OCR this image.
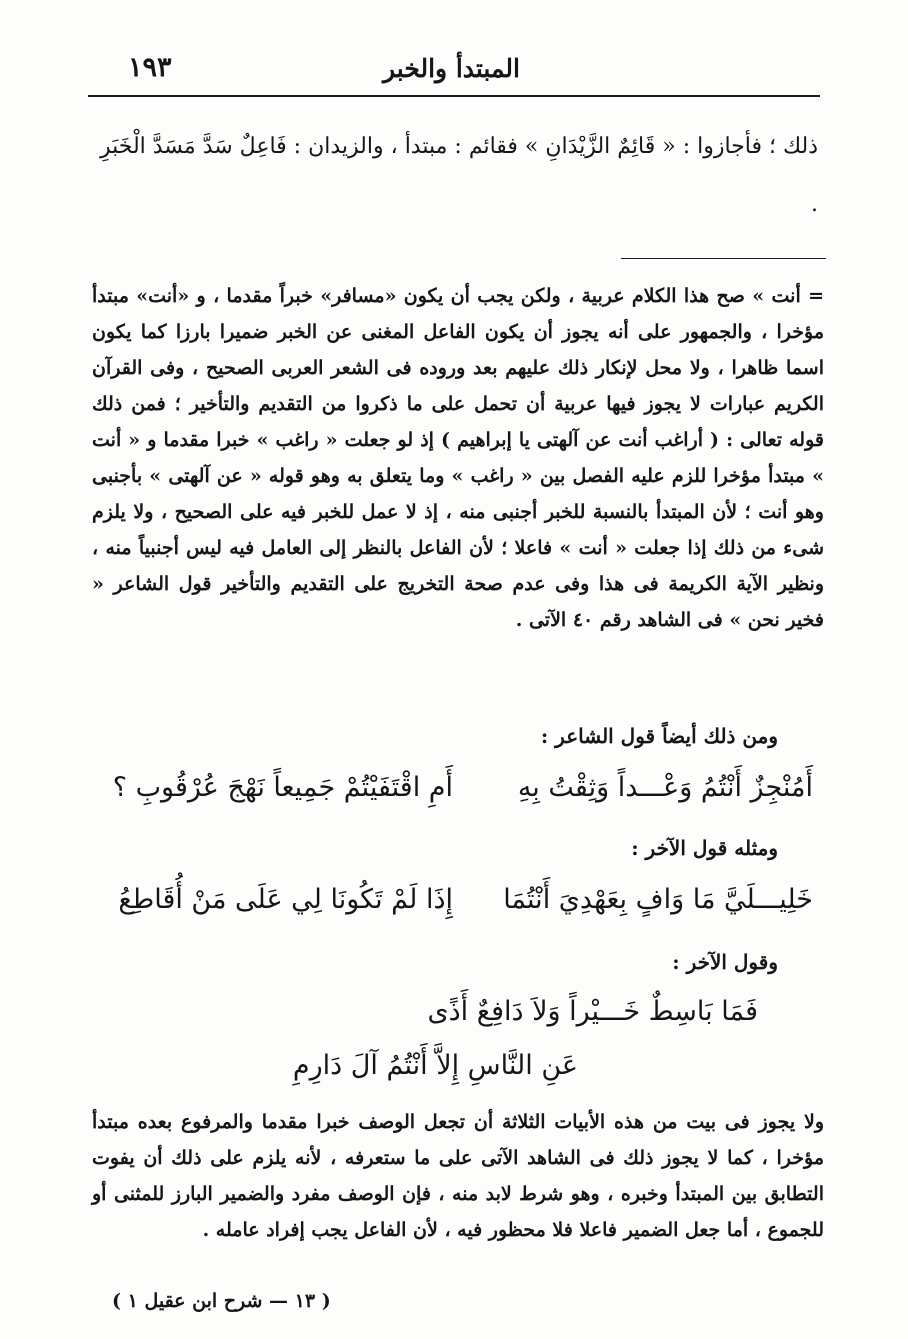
المبتدأ والخبر
١٩٣
ذلك ؛ فأجازوا : « قَائِمٌ الزَّيْدَانِ » فقائم : مبتدأ ، والزيدان : فَاعِلٌ سَدَّ مَسَدَّ الْخَبَرِ .
= أنت » صح هذا الكلام عربية ، ولكن يجب أن يكون «مسافر» خبراً مقدما ، و «أنت» مبتدأ مؤخرا ، والجمهور على أنه يجوز أن يكون الفاعل المغنى عن الخبر ضميرا بارزا كما يكون اسما ظاهرا ، ولا محل لإنكار ذلك عليهم بعد وروده فى الشعر العربى الصحيح ، وفى القرآن الكريم عبارات لا يجوز فيها عربية أن تحمل على ما ذكروا من التقديم والتأخير ؛ فمن ذلك قوله تعالى : ( أراغب أنت عن آلهتى يا إبراهيم ) إذ لو جعلت « راغب » خبرا مقدما و « أنت » مبتدأ مؤخرا للزم عليه الفصل بين « راغب » وما يتعلق به وهو قوله « عن آلهتى » بأجنبى وهو أنت ؛ لأن المبتدأ بالنسبة للخبر أجنبى منه ، إذ لا عمل للخبر فيه على الصحيح ، ولا يلزم شىء من ذلك إذا جعلت « أنت » فاعلا ؛ لأن الفاعل بالنظر إلى العامل فيه ليس أجنبياً منه ، ونظير الآية الكريمة فى هذا وفى عدم صحة التخريج على التقديم والتأخير قول الشاعر « فخير نحن » فى الشاهد رقم ٤٠ الآتى .
ومن ذلك أيضاً قول الشاعر :
أَمُنْجِزٌ أَنْتُمُ وَعْـــداً وَثِقْتُ بِهِ
أَمِ اقْتَفَيْتُمْ جَمِيعاً نَهْجَ عُرْقُوبِ ؟
ومثله قول الآخر :
خَلِيـــلَيَّ مَا وَافٍ بِعَهْدِيَ أَنْتُمَا
إِذَا لَمْ تَكُونَا لِي عَلَى مَنْ أُقَاطِعُ
وقول الآخر :
فَمَا بَاسِطٌ خَـــيْراً وَلاَ دَافِعٌ أَذًى
عَنِ النَّاسِ إِلاَّ أَنْتُمُ آلَ دَارِمِ
ولا يجوز فى بيت من هذه الأبيات الثلاثة أن تجعل الوصف خبرا مقدما والمرفوع بعده مبتدأ مؤخرا ، كما لا يجوز ذلك فى الشاهد الآتى على ما ستعرفه ، لأنه يلزم على ذلك أن يفوت التطابق بين المبتدأ وخبره ، وهو شرط لابد منه ، فإن الوصف مفرد والضمير البارز للمثنى أو للجموع ، أما جعل الضمير فاعلا فلا محظور فيه ، لأن الفاعل يجب إفراد عامله .
( ١٣ — شرح ابن عقيل ١ )
